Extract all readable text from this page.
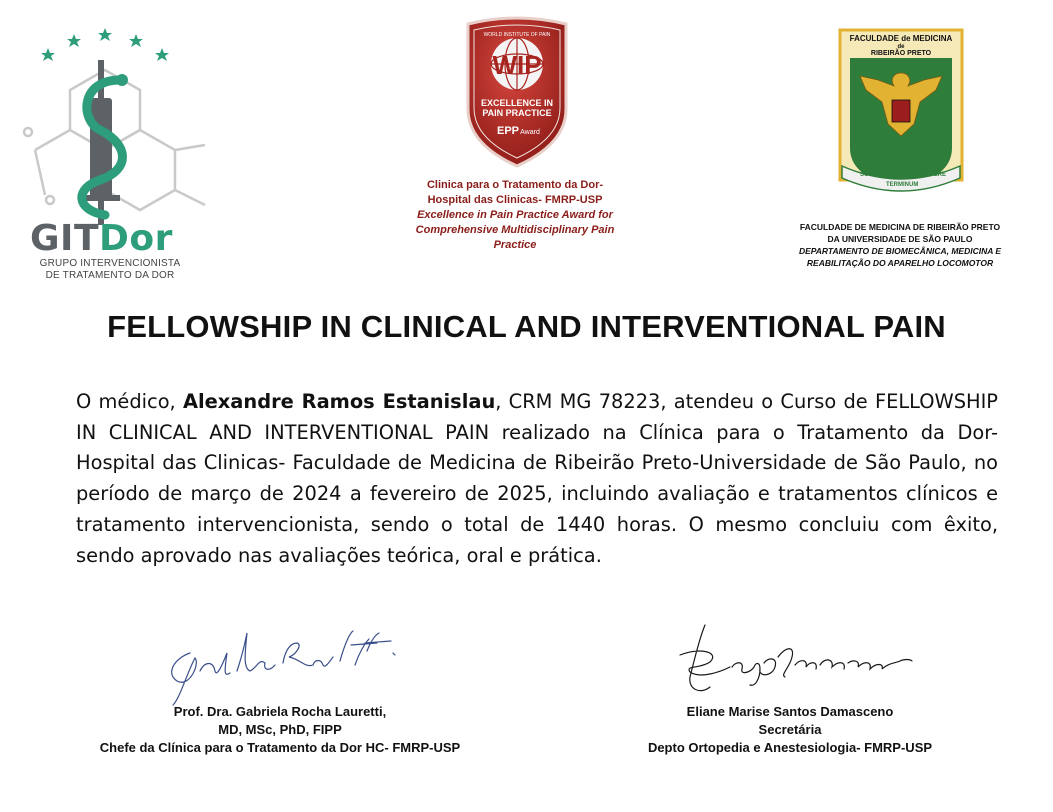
GITDor
GRUPO INTERVENCIONISTA
DE TRATAMENTO DA DOR
WORLD INSTITUTE OF PAIN
WIP
EXCELLENCE IN
PAIN PRACTICE
EPP Award
Clinica para o Tratamento da Dor-
Hospital das Clinicas- FMRP-USP
Excellence in Pain Practice Award for
Comprehensive Multidisciplinary Pain
Practice
FACULDADE de MEDICINA
de
RIBEIRÃO PRETO
SCIENTIA
TERMINUM
MOVERE
FACULDADE DE MEDICINA DE RIBEIRÃO PRETO
DA UNIVERSIDADE DE SÃO PAULO
DEPARTAMENTO DE BIOMECÂNICA, MEDICINA E
REABILITAÇÃO DO APARELHO LOCOMOTOR
FELLOWSHIP IN CLINICAL AND INTERVENTIONAL PAIN
O médico, Alexandre Ramos Estanislau, CRM MG 78223, atendeu o Curso de FELLOWSHIP IN CLINICAL AND INTERVENTIONAL PAIN realizado na Clínica para o Tratamento da Dor- Hospital das Clinicas- Faculdade de Medicina de Ribeirão Preto-Universidade de São Paulo, no período de março de 2024 a fevereiro de 2025, incluindo avaliação e tratamentos clínicos e tratamento intervencionista, sendo o total de 1440 horas. O mesmo concluiu com êxito, sendo aprovado nas avaliações teórica, oral e prática.
Prof. Dra. Gabriela Rocha Lauretti,
MD, MSc, PhD, FIPP
Chefe da Clínica para o Tratamento da Dor HC- FMRP-USP
Eliane Marise Santos Damasceno
Secretária
Depto Ortopedia e Anestesiologia- FMRP-USP
